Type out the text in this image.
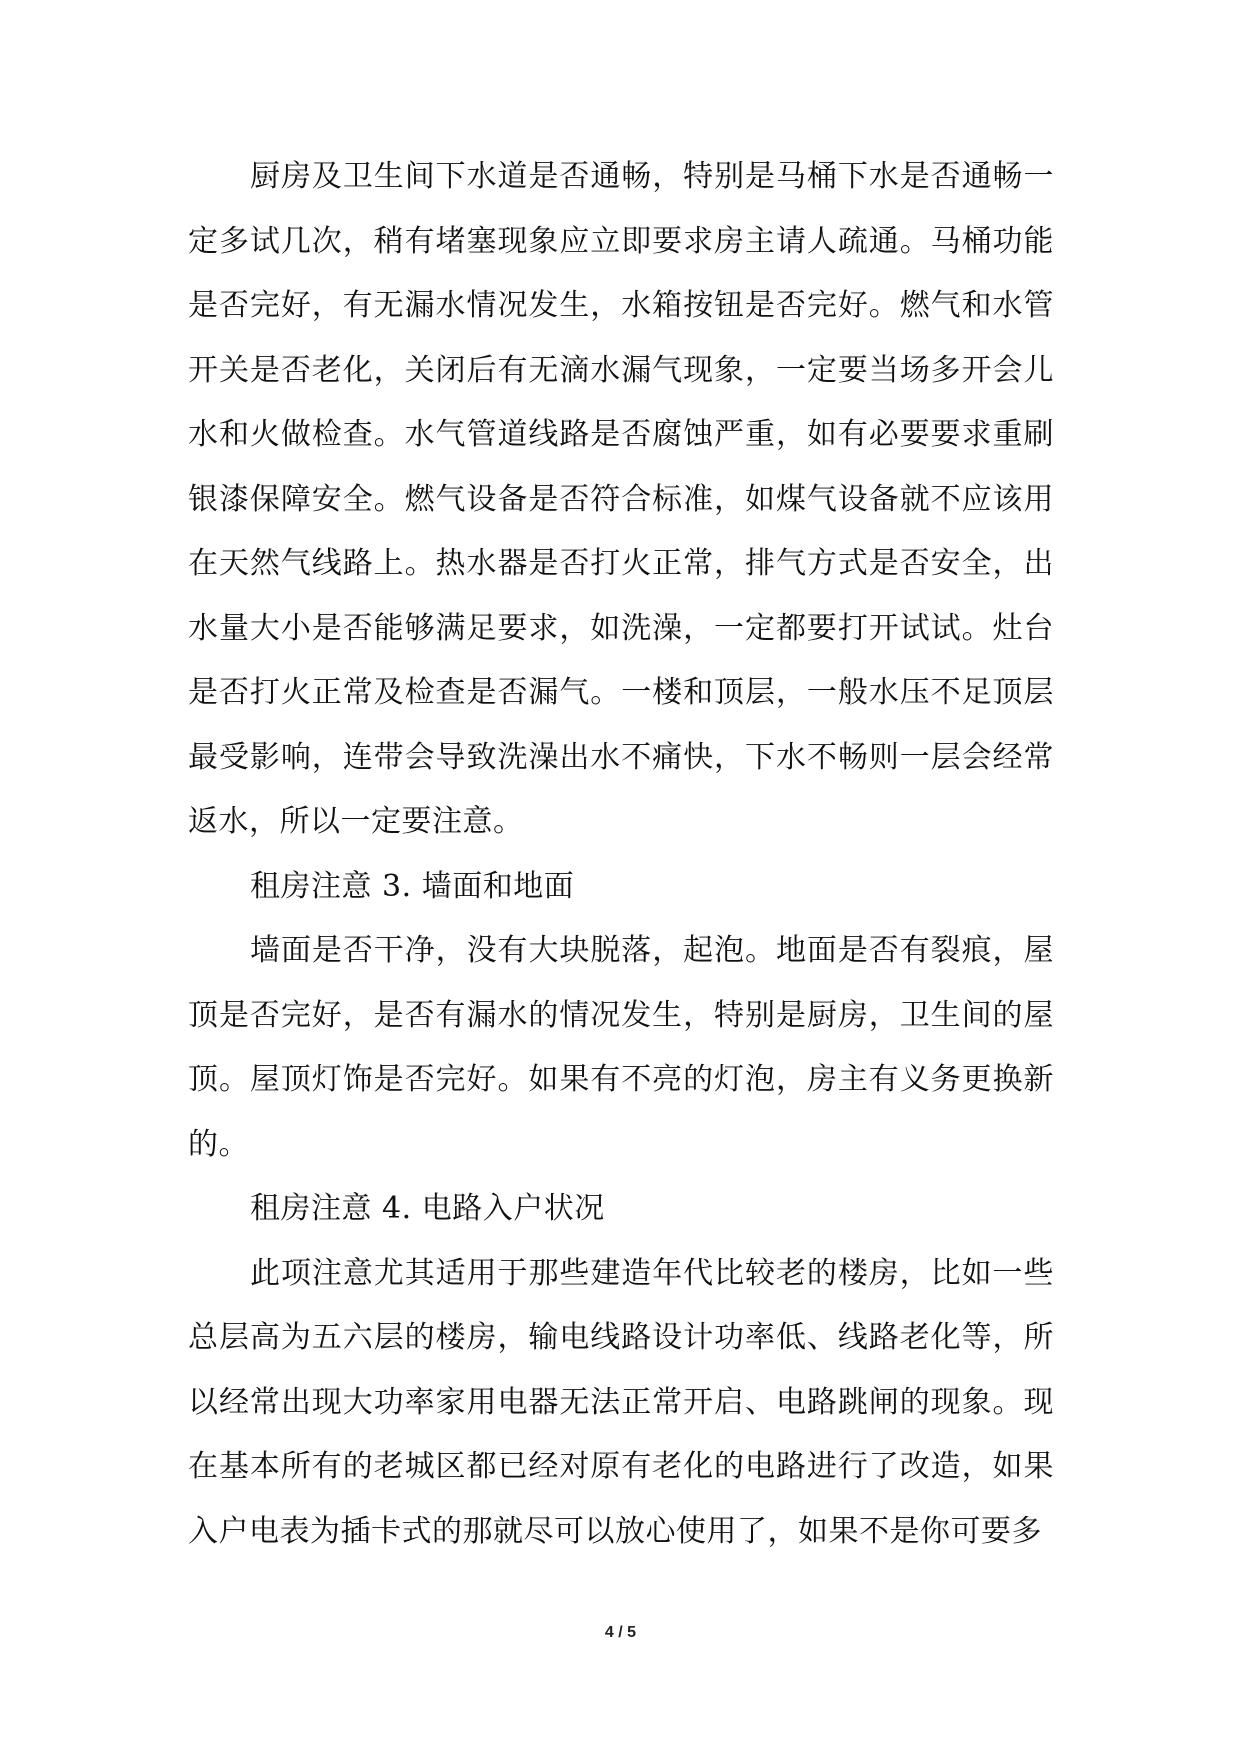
厨房及卫生间下水道是否通畅，特别是马桶下水是否通畅一定多试几次，稍有堵塞现象应立即要求房主请人疏通。马桶功能是否完好，有无漏水情况发生，水箱按钮是否完好。燃气和水管开关是否老化，关闭后有无滴水漏气现象，一定要当场多开会儿水和火做检查。水气管道线路是否腐蚀严重，如有必要要求重刷银漆保障安全。燃气设备是否符合标准，如煤气设备就不应该用在天然气线路上。热水器是否打火正常，排气方式是否安全，出水量大小是否能够满足要求，如洗澡，一定都要打开试试。灶台是否打火正常及检查是否漏气。一楼和顶层，一般水压不足顶层最受影响，连带会导致洗澡出水不痛快，下水不畅则一层会经常返水，所以一定要注意。

租房注意 3. 墙面和地面

墙面是否干净，没有大块脱落，起泡。地面是否有裂痕，屋顶是否完好，是否有漏水的情况发生，特别是厨房，卫生间的屋顶。屋顶灯饰是否完好。如果有不亮的灯泡，房主有义务更换新的。

租房注意 4. 电路入户状况

此项注意尤其适用于那些建造年代比较老的楼房，比如一些总层高为五六层的楼房，输电线路设计功率低、线路老化等，所以经常出现大功率家用电器无法正常开启、电路跳闸的现象。现在基本所有的老城区都已经对原有老化的电路进行了改造，如果入户电表为插卡式的那就尽可以放心使用了，如果不是你可要多

4 / 5
